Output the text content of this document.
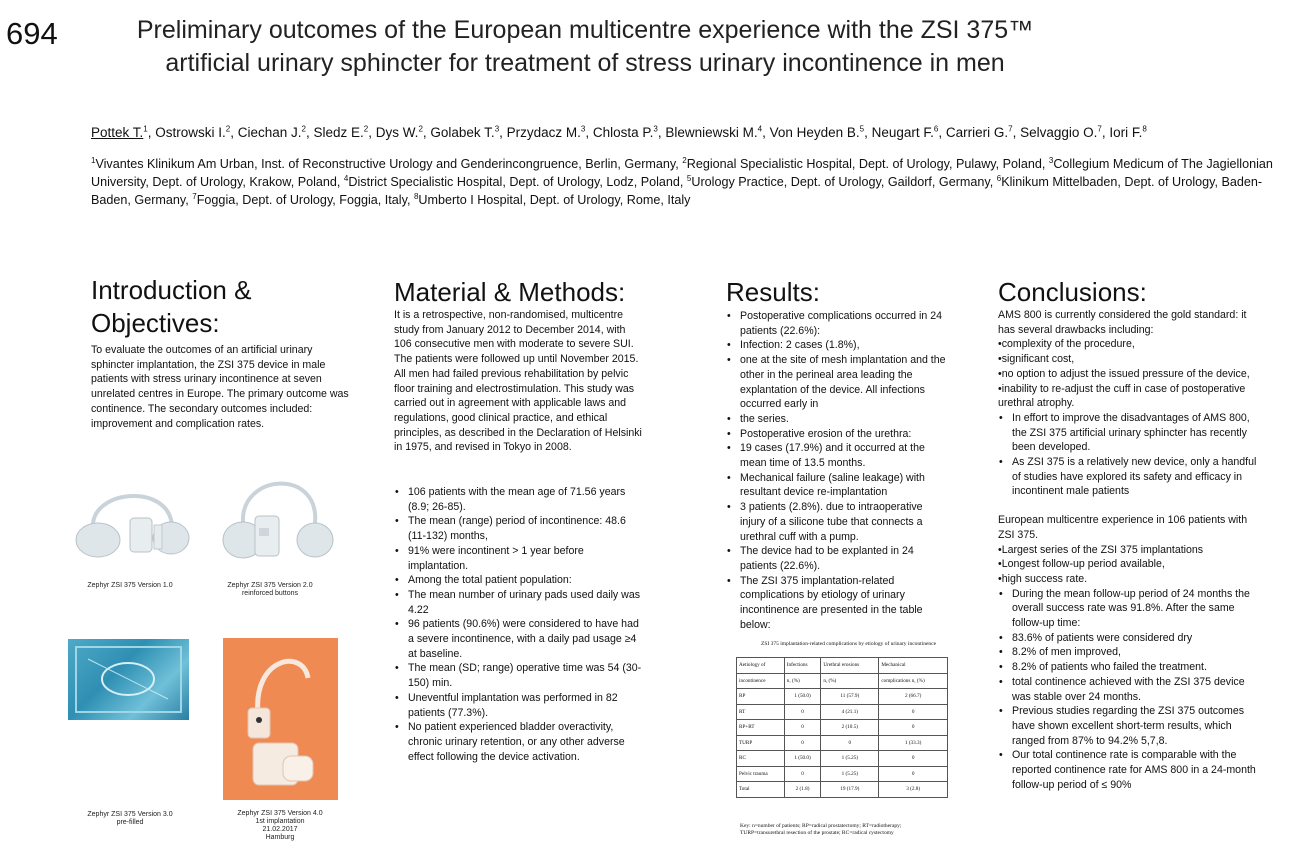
694	Preliminary outcomes of the European multicentre experience with the ZSI 375™
artificial urinary sphincter for treatment of stress urinary incontinence in men
Pottek T.$^1$, Ostrowski I.$^2$, Ciechan J.$^2$, Sledz E.$^2$, Dys W.$^2$, Golabek T.$^3$, Przydacz M.$^3$, Chlosta P.$^3$, Blewniewski M.$^4$, Von Heyden B.$^5$, Neugart F.$^6$, Carrieri G.$^7$, Selvaggio O.$^7$, Iori F.$^8$
$^1$Vivantes Klinikum Am Urban, Inst. of Reconstructive Urology and Genderincongruence, Berlin, Germany, $^2$Regional Specialistic Hospital, Dept. of Urology, Pulawy, Poland, $^3$Collegium Medicum of The Jagiellonian University, Dept. of Urology, Krakow, Poland, $^4$District Specialistic Hospital, Dept. of Urology, Lodz, Poland, $^5$Urology Practice, Dept. of Urology, Gaildorf, Germany, $^6$Klinikum Mittelbaden, Dept. of Urology, Baden-Baden, Germany, $^7$Foggia, Dept. of Urology, Foggia, Italy, $^8$Umberto I Hospital, Dept. of Urology, Rome, Italy
Introduction &
Objectives:
To evaluate the outcomes of an artificial urinary sphincter implantation, the ZSI 375 device in male patients with stress urinary incontinence at seven unrelated centres in Europe. The primary outcome was continence. The secondary outcomes included: improvement and complication rates.
Zephyr ZSI 375 Version 1.0	Zephyr ZSI 375 Version 2.0
reinforced buttons
Zephyr ZSI 375 Version 3.0
pre-filled
Zephyr ZSI 375 Version 4.0
1st implantation
21.02.2017
Hamburg
Material & Methods:
It is a retrospective, non-randomised, multicentre study from January 2012 to December 2014, with 106 consecutive men with moderate to severe SUI. The patients were followed up until November 2015. All men had failed previous rehabilitation by pelvic floor training and electrostimulation. This study was carried out in agreement with applicable laws and regulations, good clinical practice, and ethical principles, as described in the Declaration of Helsinki in 1975, and revised in Tokyo in 2008.
• 106 patients with the mean age of 71.56 years (8.9; 26-85).
• The mean (range) period of incontinence: 48.6 (11-132) months,
• 91% were incontinent > 1 year before implantation.
• Among the total patient population:
• The mean number of urinary pads used daily was 4.22
• 96 patients (90.6%) were considered to have had a severe incontinence, with a daily pad usage ≥4 at baseline.
• The mean (SD; range) operative time was 54 (30-150) min.
• Uneventful implantation was performed in 82 patients (77.3%).
• No patient experienced bladder overactivity, chronic urinary retention, or any other adverse effect following the device activation.
Results:
• Postoperative complications occurred in 24 patients (22.6%):
• Infection: 2 cases (1.8%),
• one at the site of mesh implantation and the other in the perineal area leading the explantation of the device. All infections occurred early in
• the series.
• Postoperative erosion of the urethra:
• 19 cases (17.9%) and it occurred at the mean time of 13.5 months.
• Mechanical failure (saline leakage) with resultant device re-implantation
• 3 patients (2.8%). due to intraoperative injury of a silicone tube that connects a urethral cuff with a pump.
• The device had to be explanted in 24 patients (22.6%).
• The ZSI 375 implantation-related complications by etiology of urinary incontinence are presented in the table below:
ZSI 375 implantation-related complications by etiology of urinary incontinence
Aetiology of	Infections	Urethral erosions	Mechanical
incontinence	n, (%)	n, (%)	complications n, (%)
RP	1 (50.0)	11 (57.9)	2 (66.7)
RT	0	4 (21.1)	0
RP+RT	0	2 (10.5)	0
TURP	0	0	1 (33.3)
RC	1 (50.0)	1 (5.25)	0
Pelvic trauma	0	1 (5.25)	0
Total	2 (1.8)	19 (17.9)	3 (2.8)
Key: n=number of patients; RP=radical prostatectomy; RT=radiotherapy;
TURP=transurethral resection of the prostate; RC=radical cystectomy
Conclusions:
AMS 800 is currently considered the gold standard: it has several drawbacks including:
• complexity of the procedure,
• significant cost,
• no option to adjust the issued pressure of the device,
• inability to re-adjust the cuff in case of postoperative urethral atrophy.
• In effort to improve the disadvantages of AMS 800, the ZSI 375 artificial urinary sphincter has recently been developed.
• As ZSI 375 is a relatively new device, only a handful of studies have explored its safety and efficacy in incontinent male patients
European multicentre experience in 106 patients with ZSI 375.
• Largest series of the ZSI 375 implantations
• Longest follow-up period available,
• high success rate.
• During the mean follow-up period of 24 months the overall success rate was 91.8%. After the same follow-up time:
• 83.6% of patients were considered dry
• 8.2% of men improved,
• 8.2% of patients who failed the treatment.
• total continence achieved with the ZSI 375 device was stable over 24 months.
• Previous studies regarding the ZSI 375 outcomes have shown excellent short-term results, which ranged from 87% to 94.2% 5,7,8.
• Our total continence rate is comparable with the reported continence rate for AMS 800 in a 24-month follow-up period of ≤ 90%
